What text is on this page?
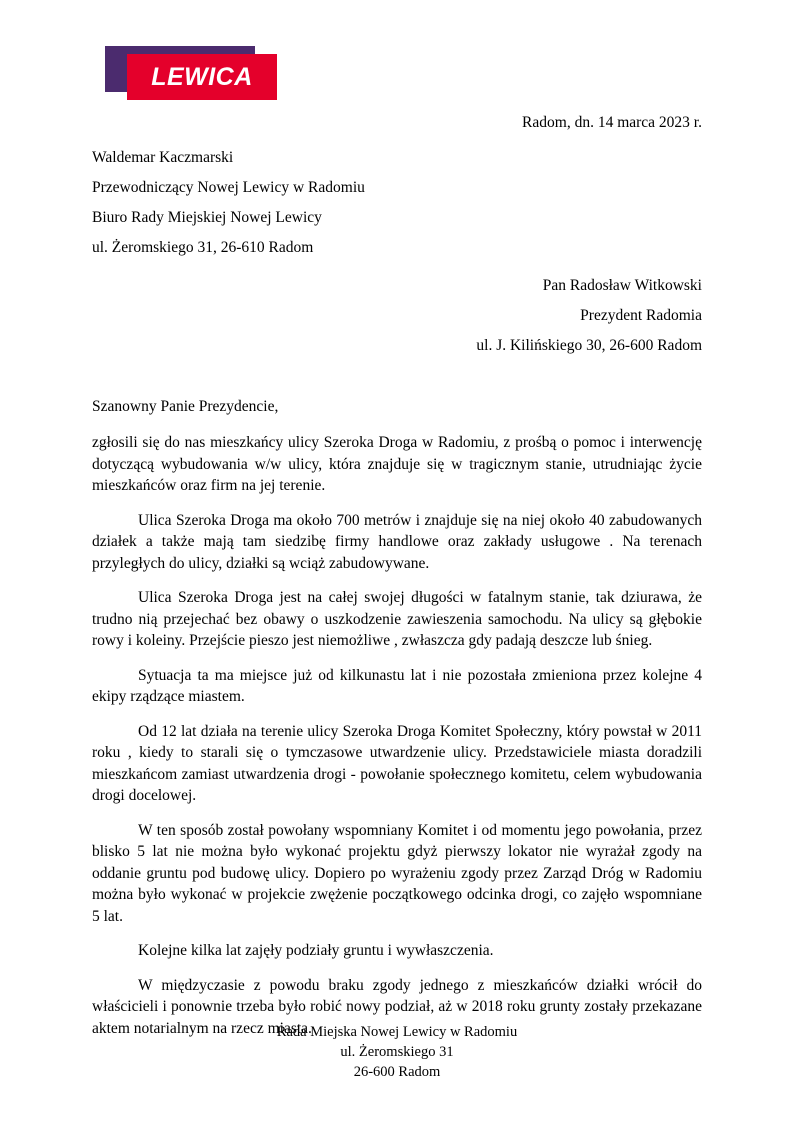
LEWICA
Radom, dn. 14 marca 2023 r.
Waldemar Kaczmarski
Przewodniczący Nowej Lewicy w Radomiu
Biuro Rady Miejskiej Nowej Lewicy
ul. Żeromskiego 31, 26-610 Radom
Pan Radosław Witkowski
Prezydent Radomia
ul. J. Kilińskiego 30, 26-600 Radom
Szanowny Panie Prezydencie,

zgłosili się do nas mieszkańcy ulicy Szeroka Droga w Radomiu, z prośbą o pomoc i interwencję dotyczącą wybudowania w/w ulicy, która znajduje się w tragicznym stanie, utrudniając życie mieszkańców oraz firm na jej terenie.

Ulica Szeroka Droga ma około 700 metrów i znajduje się na niej około 40 zabudowanych działek a także mają tam siedzibę firmy handlowe oraz zakłady usługowe . Na terenach przyległych do ulicy, działki są wciąż zabudowywane.

Ulica Szeroka Droga jest na całej swojej długości w fatalnym stanie, tak dziurawa, że trudno nią przejechać bez obawy o uszkodzenie zawieszenia samochodu. Na ulicy są głębokie rowy i koleiny. Przejście pieszo jest niemożliwe , zwłaszcza gdy padają deszcze lub śnieg.

Sytuacja ta ma miejsce już od kilkunastu lat i nie pozostała zmieniona przez kolejne 4 ekipy rządzące miastem.

Od 12 lat działa na terenie ulicy Szeroka Droga Komitet Społeczny, który powstał w 2011 roku , kiedy to starali się o tymczasowe utwardzenie ulicy. Przedstawiciele miasta doradzili mieszkańcom zamiast utwardzenia drogi - powołanie społecznego komitetu, celem wybudowania drogi docelowej.

W ten sposób został powołany wspomniany Komitet i od momentu jego powołania, przez blisko 5 lat nie można było wykonać projektu gdyż pierwszy lokator nie wyrażał zgody na oddanie gruntu pod budowę ulicy. Dopiero po wyrażeniu zgody przez Zarząd Dróg w Radomiu można było wykonać w projekcie zwężenie początkowego odcinka drogi, co zajęło wspomniane 5 lat.

Kolejne kilka lat zajęły podziały gruntu i wywłaszczenia.

W międzyczasie z powodu braku zgody jednego z mieszkańców działki wrócił do właścicieli i ponownie trzeba było robić nowy podział, aż w 2018 roku grunty zostały przekazane aktem notarialnym na rzecz miasta.

Rada Miejska Nowej Lewicy w Radomiu
ul. Żeromskiego 31
26-600 Radom
